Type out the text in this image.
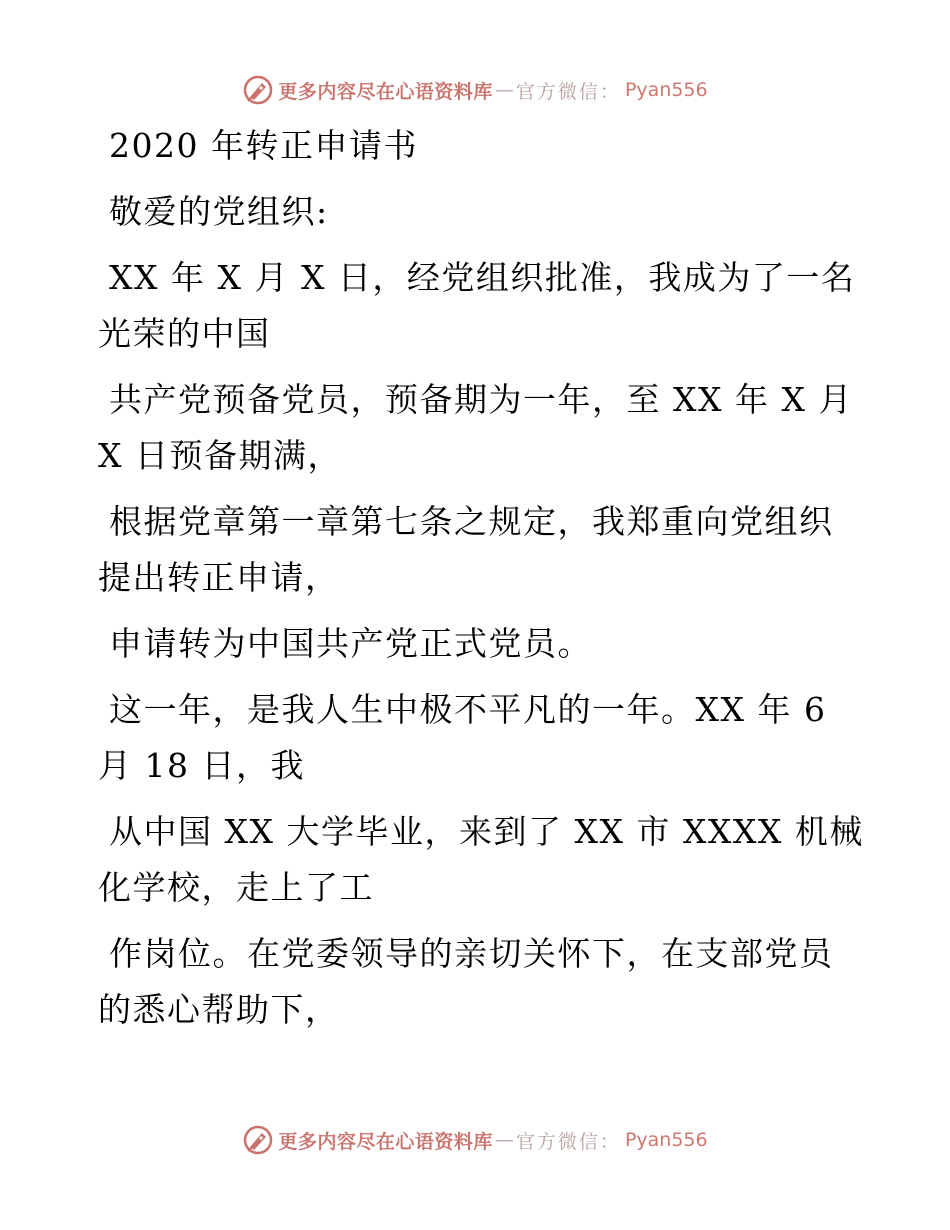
更多内容尽在心语资料库 — 官方微信： Pyan556
2020 年转正申请书
敬爱的党组织:
XX 年 X 月 X 日，经党组织批准，我成为了一名
光荣的中国
共产党预备党员，预备期为一年，至 XX 年 X 月
X 日预备期满，
根据党章第一章第七条之规定，我郑重向党组织
提出转正申请，
申请转为中国共产党正式党员。
这一年，是我人生中极不平凡的一年。XX 年 6
月 18 日，我
从中国 XX 大学毕业，来到了 XX 市 XXXX 机械
化学校，走上了工
作岗位。在党委领导的亲切关怀下，在支部党员
的悉心帮助下，
更多内容尽在心语资料库 — 官方微信： Pyan556
